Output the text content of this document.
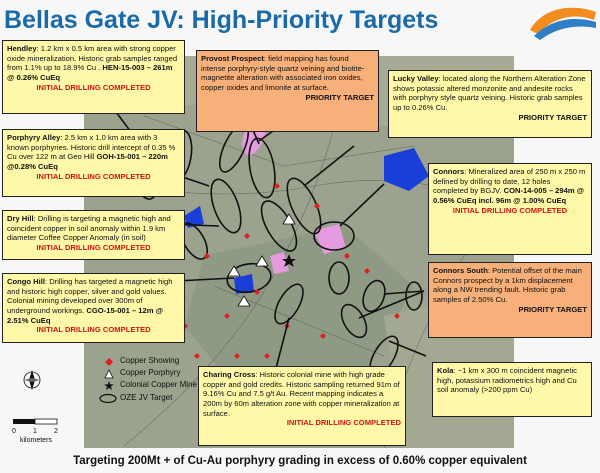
Bellas Gate JV: High-Priority Targets
Hendley: 1.2 km x 0.5 km area with strong copper oxide mineralization. Historic grab samples ranged from 1.1% up to 18.9% Cu . HEN-15-003 – 261m @ 0.26% CuEq
INITIAL DRILLING COMPLETED
Porphyry Alley: 2.5 km x 1.0 km area with 3 known porphyries. Historic drill intercept of 0.35 % Cu over 122 m at Geo Hill GOH-15-001 – 220m @0.28% CuEq
INITIAL DRILLING COMPLETED
Dry Hill: Drilling is targeting a magnetic high and coincident copper in soil anomaly within 1.9 km diameter Coffee Copper Anomaly (in soil)
INITIAL DRILLING COMPLETED
Congo Hill: Drilling has targeted a magnetic high and historic high copper, silver and gold values. Colonial mining developed over 300m of underground workings. CGO-15-001 – 12m @ 2.51% CuEq
INITIAL DRILLING COMPLETED
Provost Prospect: field mapping has found intense porphyry-style quartz veining and biotite-magnetite alteration with associated iron oxides, copper oxides and limonite at surface.
PRIORITY TARGET
Lucky Valley: located along the Northern Alteration Zone shows potassic altered monzonite and andesite rocks with porphyry style quartz veining. Historic grab samples up to 0.26% Cu.
PRIORITY TARGET
Connors: Mineralized area of 250 m x 250 m defined by drilling to date, 12 holes completed by BGJV. CON-14-005 – 294m @ 0.56% CuEq incl. 96m @ 1.00% CuEq
INITIAL DRILLING COMPLETED
Connors South: Potential offset of the main Connors prospect by a 1km displacement along a NW trending fault. Historic grab samples of 2.50% Cu.
PRIORITY TARGET
Kola: ~1 km x 300 m coincident magnetic high, potassium radiometrics high and Cu soil anomaly (>200 ppm Cu)
Charing Cross: Historic colonial mine with high grade copper and gold credits. Historic sampling returned 91m of 9.16% Cu and 7.5 g/t Au. Recent mapping indicates a 200m by 60m alteration zone with copper mineralization at surface.
INITIAL DRILLING COMPLETED
0 1 2
kilometers
Copper Showing
Copper Porphyry
Colonial Copper Mine
OZE JV Target
Targeting 200Mt + of Cu-Au porphyry grading in excess of 0.60% copper equivalent
